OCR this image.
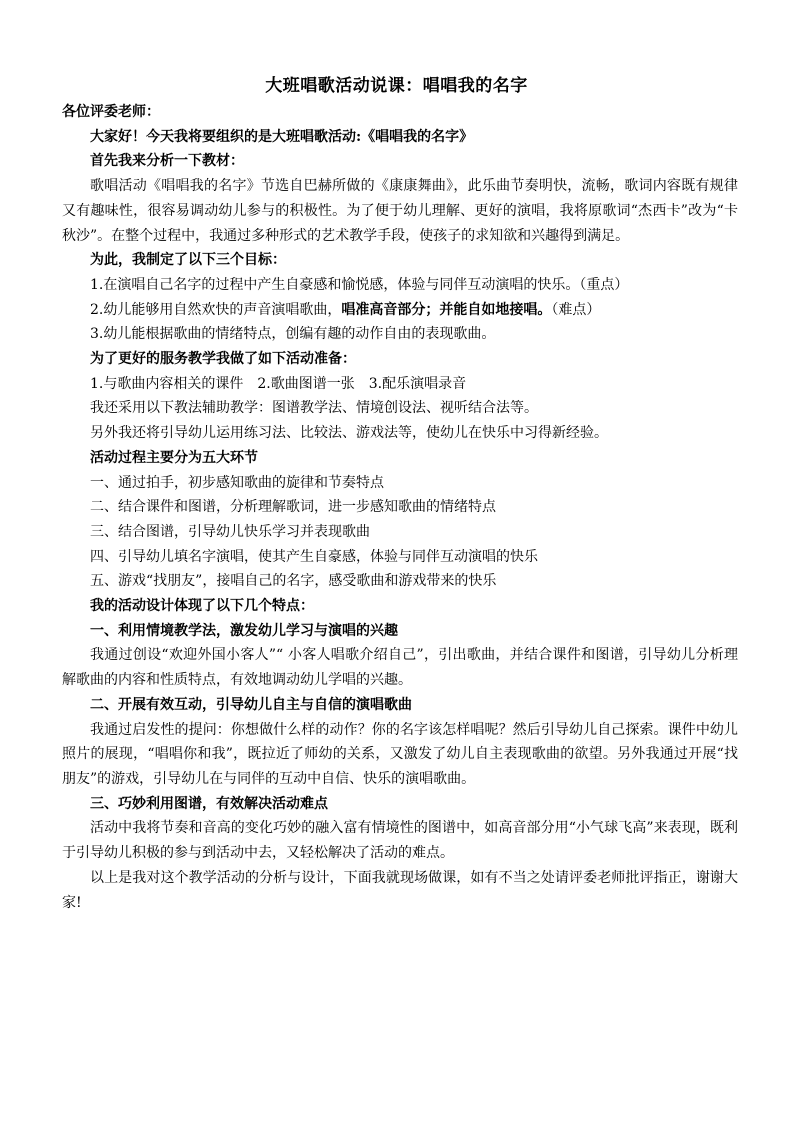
大班唱歌活动说课：唱唱我的名字

各位评委老师：

大家好！今天我将要组织的是大班唱歌活动:《唱唱我的名字》

首先我来分析一下教材：

歌唱活动《唱唱我的名字》节选自巴赫所做的《康康舞曲》，此乐曲节奏明快，流畅，歌词内容既有规律又有趣味性，很容易调动幼儿参与的积极性。为了便于幼儿理解、更好的演唱，我将原歌词“杰西卡”改为“卡秋沙”。在整个过程中，我通过多种形式的艺术教学手段，使孩子的求知欲和兴趣得到满足。

为此，我制定了以下三个目标：

1.在演唱自己名字的过程中产生自豪感和愉悦感，体验与同伴互动演唱的快乐。（重点）

2.幼儿能够用自然欢快的声音演唱歌曲，唱准高音部分；并能自如地接唱。（难点）

3.幼儿能根据歌曲的情绪特点，创编有趣的动作自由的表现歌曲。

为了更好的服务教学我做了如下活动准备：

1.与歌曲内容相关的课件　2.歌曲图谱一张　3.配乐演唱录音

我还采用以下教法辅助教学：图谱教学法、情境创设法、视听结合法等。

另外我还将引导幼儿运用练习法、比较法、游戏法等，使幼儿在快乐中习得新经验。

活动过程主要分为五大环节

一、通过拍手，初步感知歌曲的旋律和节奏特点

二、结合课件和图谱，分析理解歌词，进一步感知歌曲的情绪特点

三、结合图谱，引导幼儿快乐学习并表现歌曲

四、引导幼儿填名字演唱，使其产生自豪感，体验与同伴互动演唱的快乐

五、游戏“找朋友”，接唱自己的名字，感受歌曲和游戏带来的快乐

我的活动设计体现了以下几个特点：

一、利用情境教学法，激发幼儿学习与演唱的兴趣

我通过创设“欢迎外国小客人”“ 小客人唱歌介绍自己”，引出歌曲，并结合课件和图谱，引导幼儿分析理解歌曲的内容和性质特点，有效地调动幼儿学唱的兴趣。

二、开展有效互动，引导幼儿自主与自信的演唱歌曲

我通过启发性的提问：你想做什么样的动作？你的名字该怎样唱呢？然后引导幼儿自己探索。课件中幼儿照片的展现，“唱唱你和我”，既拉近了师幼的关系，又激发了幼儿自主表现歌曲的欲望。另外我通过开展“找朋友”的游戏，引导幼儿在与同伴的互动中自信、快乐的演唱歌曲。

三、巧妙利用图谱，有效解决活动难点

活动中我将节奏和音高的变化巧妙的融入富有情境性的图谱中，如高音部分用“小气球飞高”来表现，既利于引导幼儿积极的参与到活动中去，又轻松解决了活动的难点。

以上是我对这个教学活动的分析与设计，下面我就现场做课，如有不当之处请评委老师批评指正，谢谢大家!
